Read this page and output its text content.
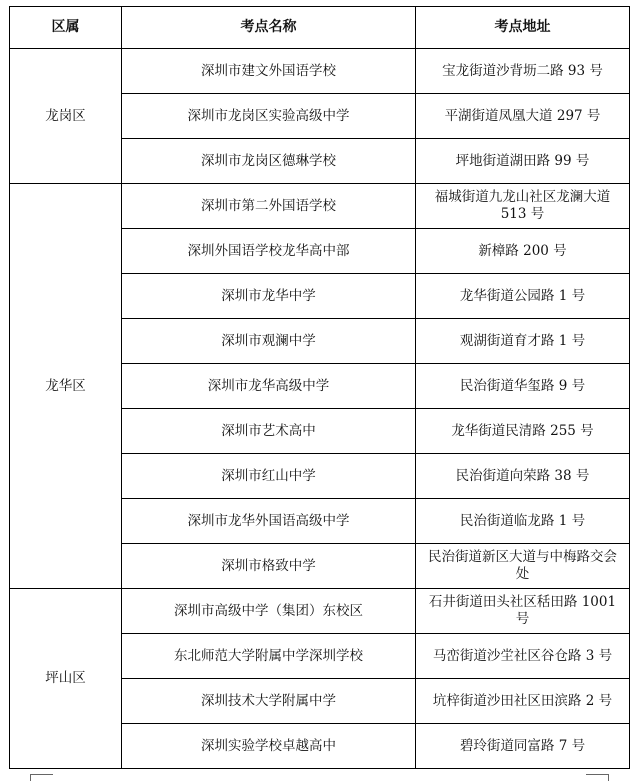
区属	考点名称	考点地址
龙岗区	深圳市建文外国语学校	宝龙街道沙背坜二路 93 号
	深圳市龙岗区实验高级中学	平湖街道凤凰大道 297 号
	深圳市龙岗区德琳学校	坪地街道湖田路 99 号
龙华区	深圳市第二外国语学校	福城街道九龙山社区龙澜大道 513 号
	深圳外国语学校龙华高中部	新樟路 200 号
	深圳市龙华中学	龙华街道公园路 1 号
	深圳市观澜中学	观湖街道育才路 1 号
	深圳市龙华高级中学	民治街道华玺路 9 号
	深圳市艺术高中	龙华街道民清路 255 号
	深圳市红山中学	民治街道向荣路 38 号
	深圳市龙华外国语高级中学	民治街道临龙路 1 号
	深圳市格致中学	民治街道新区大道与中梅路交会处
坪山区	深圳市高级中学（集团）东校区	石井街道田头社区秳田路 1001 号
	东北师范大学附属中学深圳学校	马峦街道沙坣社区谷仓路 3 号
	深圳技术大学附属中学	坑梓街道沙田社区田滨路 2 号
	深圳实验学校卓越高中	碧玲街道同富路 7 号
